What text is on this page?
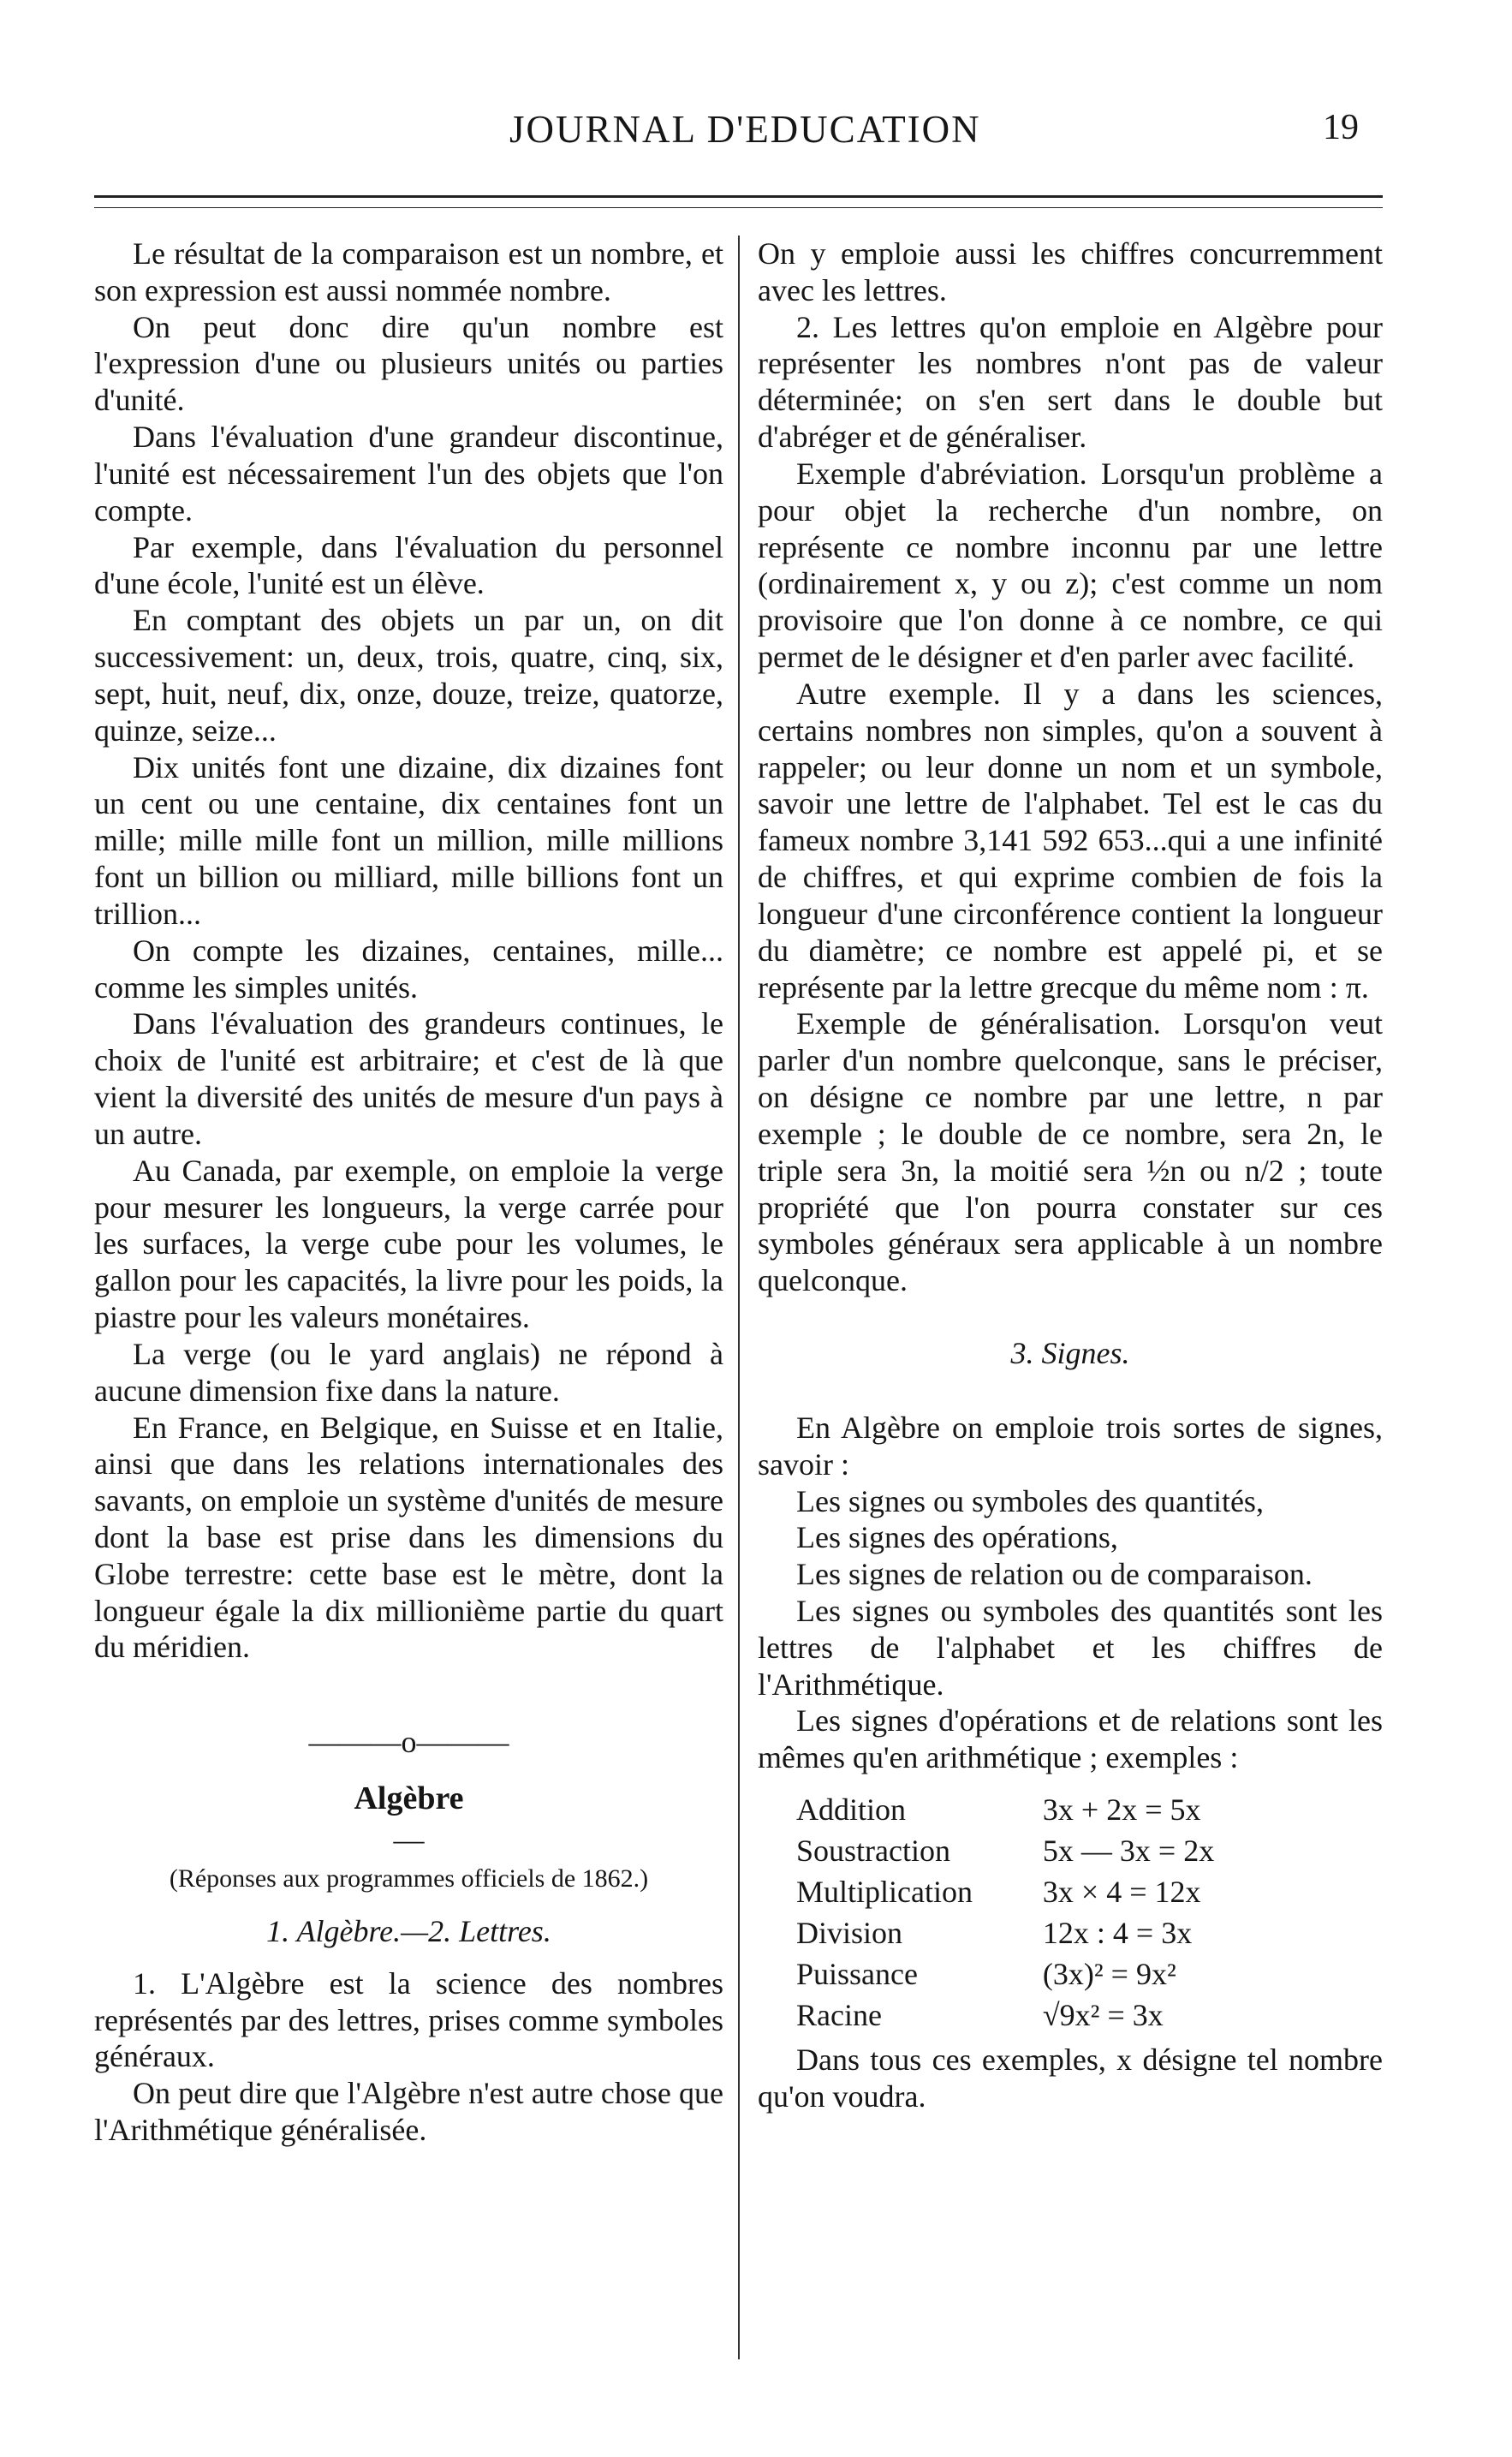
JOURNAL D'EDUCATION	19

Le résultat de la comparaison est un nombre, et son expression est aussi nommée nombre.

On peut donc dire qu'un nombre est l'expression d'une ou plusieurs unités ou parties d'unité.

Dans l'évaluation d'une grandeur discontinue, l'unité est nécessairement l'un des objets que l'on compte.

Par exemple, dans l'évaluation du personnel d'une école, l'unité est un élève.

En comptant des objets un par un, on dit successivement: un, deux, trois, quatre, cinq, six, sept, huit, neuf, dix, onze, douze, treize, quatorze, quinze, seize...

Dix unités font une dizaine, dix dizaines font un cent ou une centaine, dix centaines font un mille; mille mille font un million, mille millions font un billion ou milliard, mille billions font un trillion...

On compte les dizaines, centaines, mille... comme les simples unités.

Dans l'évaluation des grandeurs continues, le choix de l'unité est arbitraire; et c'est de là que vient la diversité des unités de mesure d'un pays à un autre.

Au Canada, par exemple, on emploie la verge pour mesurer les longueurs, la verge carrée pour les surfaces, la verge cube pour les volumes, le gallon pour les capacités, la livre pour les poids, la piastre pour les valeurs monétaires.

La verge (ou le yard anglais) ne répond à aucune dimension fixe dans la nature.

En France, en Belgique, en Suisse et en Italie, ainsi que dans les relations internationales des savants, on emploie un système d'unités de mesure dont la base est prise dans les dimensions du Globe terrestre: cette base est le mètre, dont la longueur égale la dix millionième partie du quart du méridien.

———o———
Algèbre
—
(Réponses aux programmes officiels de 1862.)
1. Algèbre.—2. Lettres.

1. L'Algèbre est la science des nombres représentés par des lettres, prises comme symboles généraux.

On peut dire que l'Algèbre n'est autre chose que l'Arithmétique généralisée.

On y emploie aussi les chiffres concurremment avec les lettres.

2. Les lettres qu'on emploie en Algèbre pour représenter les nombres n'ont pas de valeur déterminée; on s'en sert dans le double but d'abréger et de généraliser.

Exemple d'abréviation. Lorsqu'un problème a pour objet la recherche d'un nombre, on représente ce nombre inconnu par une lettre (ordinairement x, y ou z); c'est comme un nom provisoire que l'on donne à ce nombre, ce qui permet de le désigner et d'en parler avec facilité.

Autre exemple. Il y a dans les sciences, certains nombres non simples, qu'on a souvent à rappeler; ou leur donne un nom et un symbole, savoir une lettre de l'alphabet. Tel est le cas du fameux nombre 3,141 592 653...qui a une infinité de chiffres, et qui exprime combien de fois la longueur d'une circonférence contient la longueur du diamètre; ce nombre est appelé pi, et se représente par la lettre grecque du même nom : π.

Exemple de généralisation. Lorsqu'on veut parler d'un nombre quelconque, sans le préciser, on désigne ce nombre par une lettre, n par exemple ; le double de ce nombre, sera 2n, le triple sera 3n, la moitié sera ½n ou n/2 ; toute propriété que l'on pourra constater sur ces symboles généraux sera applicable à un nombre quelconque.

3. Signes.

En Algèbre on emploie trois sortes de signes, savoir :

Les signes ou symboles des quantités,

Les signes des opérations,

Les signes de relation ou de comparaison.

Les signes ou symboles des quantités sont les lettres de l'alphabet et les chiffres de l'Arithmétique.

Les signes d'opérations et de relations sont les mêmes qu'en arithmétique ; exemples :

Addition	3x + 2x = 5x
Soustraction	5x — 3x = 2x
Multiplication	3x × 4 = 12x
Division	12x : 4 = 3x
Puissance	(3x)² = 9x²
Racine	√9x² = 3x

Dans tous ces exemples, x désigne tel nombre qu'on voudra.
